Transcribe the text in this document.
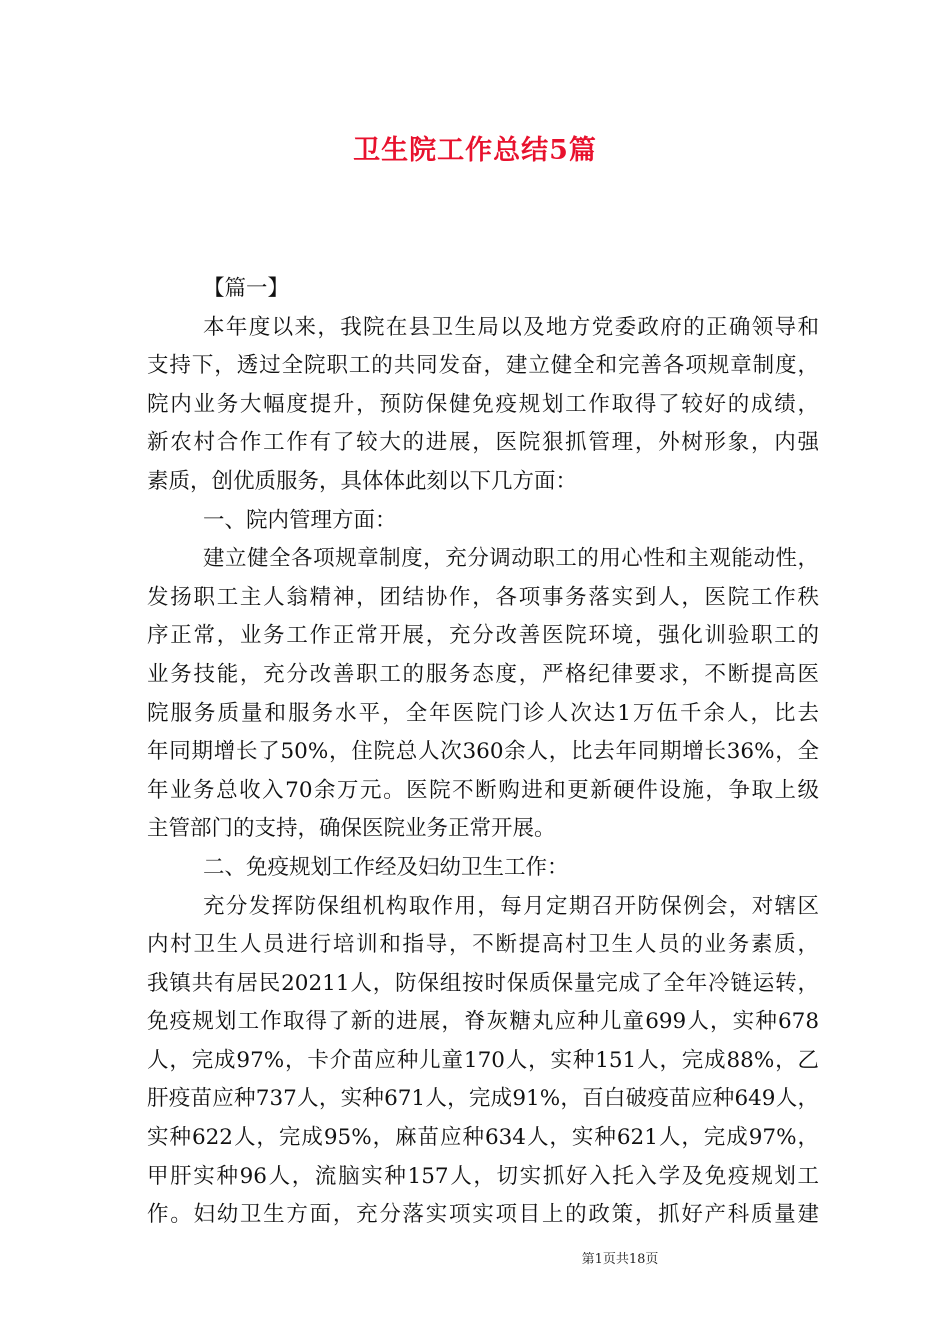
卫生院工作总结5篇
【篇一】
本年度以来，我院在县卫生局以及地方党委政府的正确领导和
支持下，透过全院职工的共同发奋，建立健全和完善各项规章制度，
院内业务大幅度提升，预防保健免疫规划工作取得了较好的成绩，
新农村合作工作有了较大的进展，医院狠抓管理，外树形象，内强
素质，创优质服务，具体体此刻以下几方面：
一、院内管理方面：
建立健全各项规章制度，充分调动职工的用心性和主观能动性，
发扬职工主人翁精神，团结协作，各项事务落实到人，医院工作秩
序正常，业务工作正常开展，充分改善医院环境，强化训验职工的
业务技能，充分改善职工的服务态度，严格纪律要求，不断提高医
院服务质量和服务水平，全年医院门诊人次达1万伍千余人，比去
年同期增长了50%，住院总人次360余人，比去年同期增长36%，全
年业务总收入70余万元。医院不断购进和更新硬件设施，争取上级
主管部门的支持，确保医院业务正常开展。
二、免疫规划工作经及妇幼卫生工作：
充分发挥防保组机构取作用，每月定期召开防保例会，对辖区
内村卫生人员进行培训和指导，不断提高村卫生人员的业务素质，
我镇共有居民20211人，防保组按时保质保量完成了全年冷链运转，
免疫规划工作取得了新的进展，脊灰糖丸应种儿童699人，实种678
人，完成97%，卡介苗应种儿童170人，实种151人，完成88%，乙
肝疫苗应种737人，实种671人，完成91%，百白破疫苗应种649人，
实种622人，完成95%，麻苗应种634人，实种621人，完成97%，
甲肝实种96人，流脑实种157人，切实抓好入托入学及免疫规划工
作。妇幼卫生方面，充分落实项实项目上的政策，抓好产科质量建
第1页共18页
